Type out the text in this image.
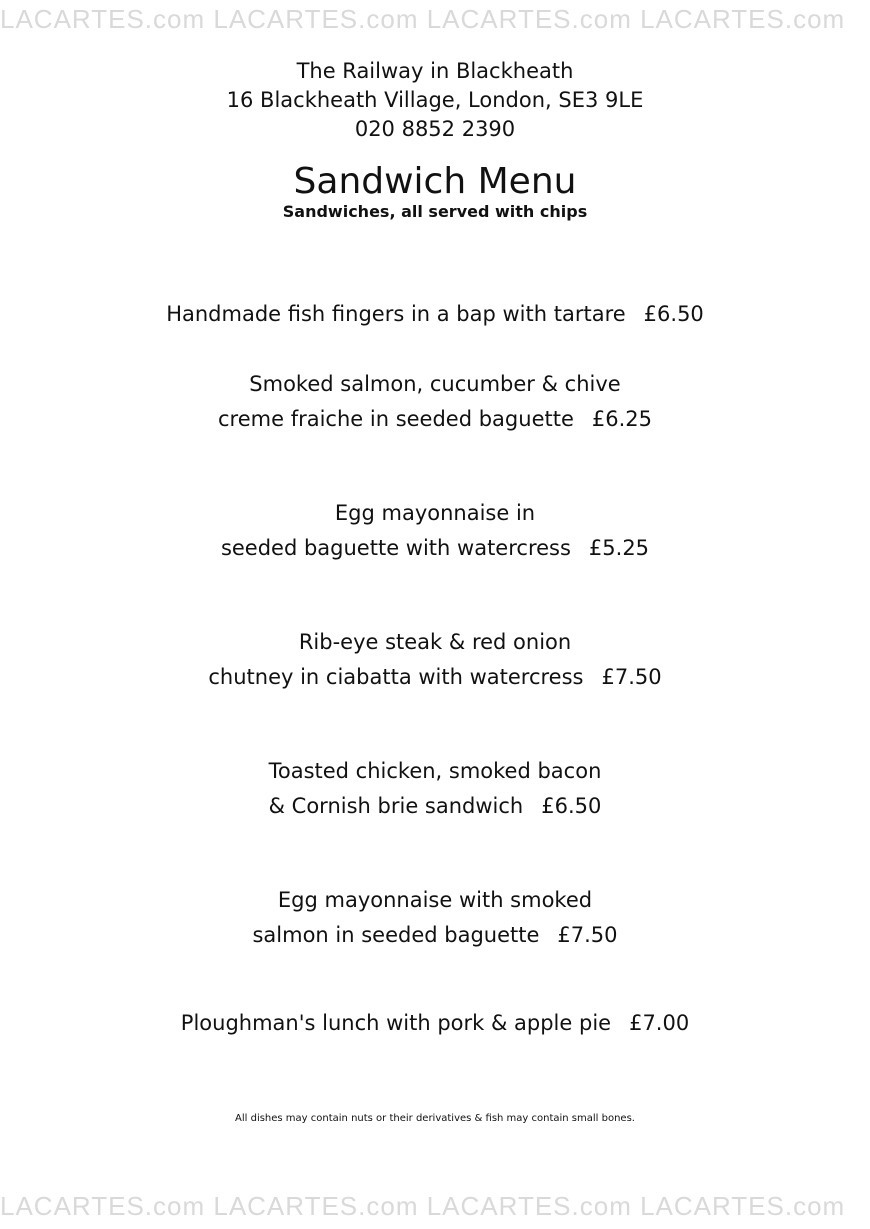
LACARTES.com LACARTES.com LACARTES.com LACARTES.com
The Railway in Blackheath
16 Blackheath Village, London, SE3 9LE
020 8852 2390
Sandwich Menu
Sandwiches, all served with chips
Handmade fish fingers in a bap with tartare £6.50
Smoked salmon, cucumber & chive
creme fraiche in seeded baguette £6.25
Egg mayonnaise in
seeded baguette with watercress £5.25
Rib-eye steak & red onion
chutney in ciabatta with watercress £7.50
Toasted chicken, smoked bacon
& Cornish brie sandwich £6.50
Egg mayonnaise with smoked
salmon in seeded baguette £7.50
Ploughman's lunch with pork & apple pie £7.00
All dishes may contain nuts or their derivatives & fish may contain small bones.
LACARTES.com LACARTES.com LACARTES.com LACARTES.com
